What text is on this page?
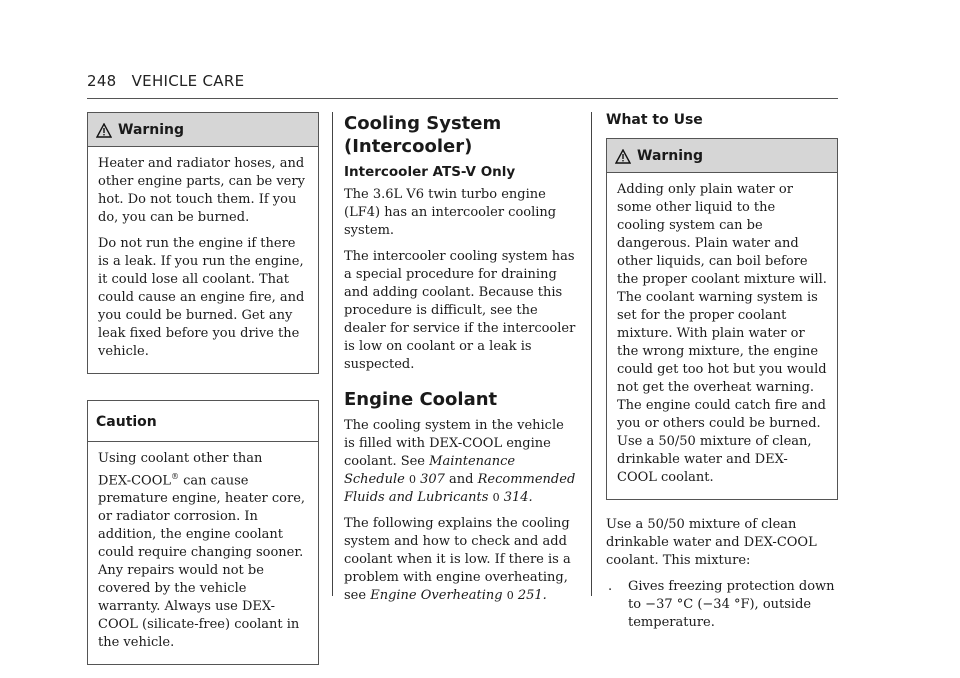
248 VEHICLE CARE
Warning

Heater and radiator hoses, and other engine parts, can be very hot. Do not touch them. If you do, you can be burned.

Do not run the engine if there is a leak. If you run the engine, it could lose all coolant. That could cause an engine fire, and you could be burned. Get any leak fixed before you drive the vehicle.

Caution

Using coolant other than
DEX-COOL® can cause premature engine, heater core, or radiator corrosion. In addition, the engine coolant could require changing sooner. Any repairs would not be covered by the vehicle warranty. Always use DEX-COOL (silicate-free) coolant in the vehicle.

Cooling System (Intercooler)
Intercooler ATS-V Only

The 3.6L V6 twin turbo engine (LF4) has an intercooler cooling system.

The intercooler cooling system has a special procedure for draining and adding coolant. Because this procedure is difficult, see the dealer for service if the intercooler is low on coolant or a leak is suspected.

Engine Coolant

The cooling system in the vehicle is filled with DEX-COOL engine coolant. See Maintenance Schedule 0 307 and Recommended Fluids and Lubricants 0 314.

The following explains the cooling system and how to check and add coolant when it is low. If there is a problem with engine overheating, see Engine Overheating 0 251.

What to Use
Warning

Adding only plain water or some other liquid to the cooling system can be dangerous. Plain water and other liquids, can boil before the proper coolant mixture will. The coolant warning system is set for the proper coolant mixture. With plain water or the wrong mixture, the engine could get too hot but you would not get the overheat warning. The engine could catch fire and you or others could be burned. Use a 50/50 mixture of clean, drinkable water and DEX-COOL coolant.

Use a 50/50 mixture of clean drinkable water and DEX-COOL coolant. This mixture:

.	Gives freezing protection down to −37 °C (−34 °F), outside temperature.
